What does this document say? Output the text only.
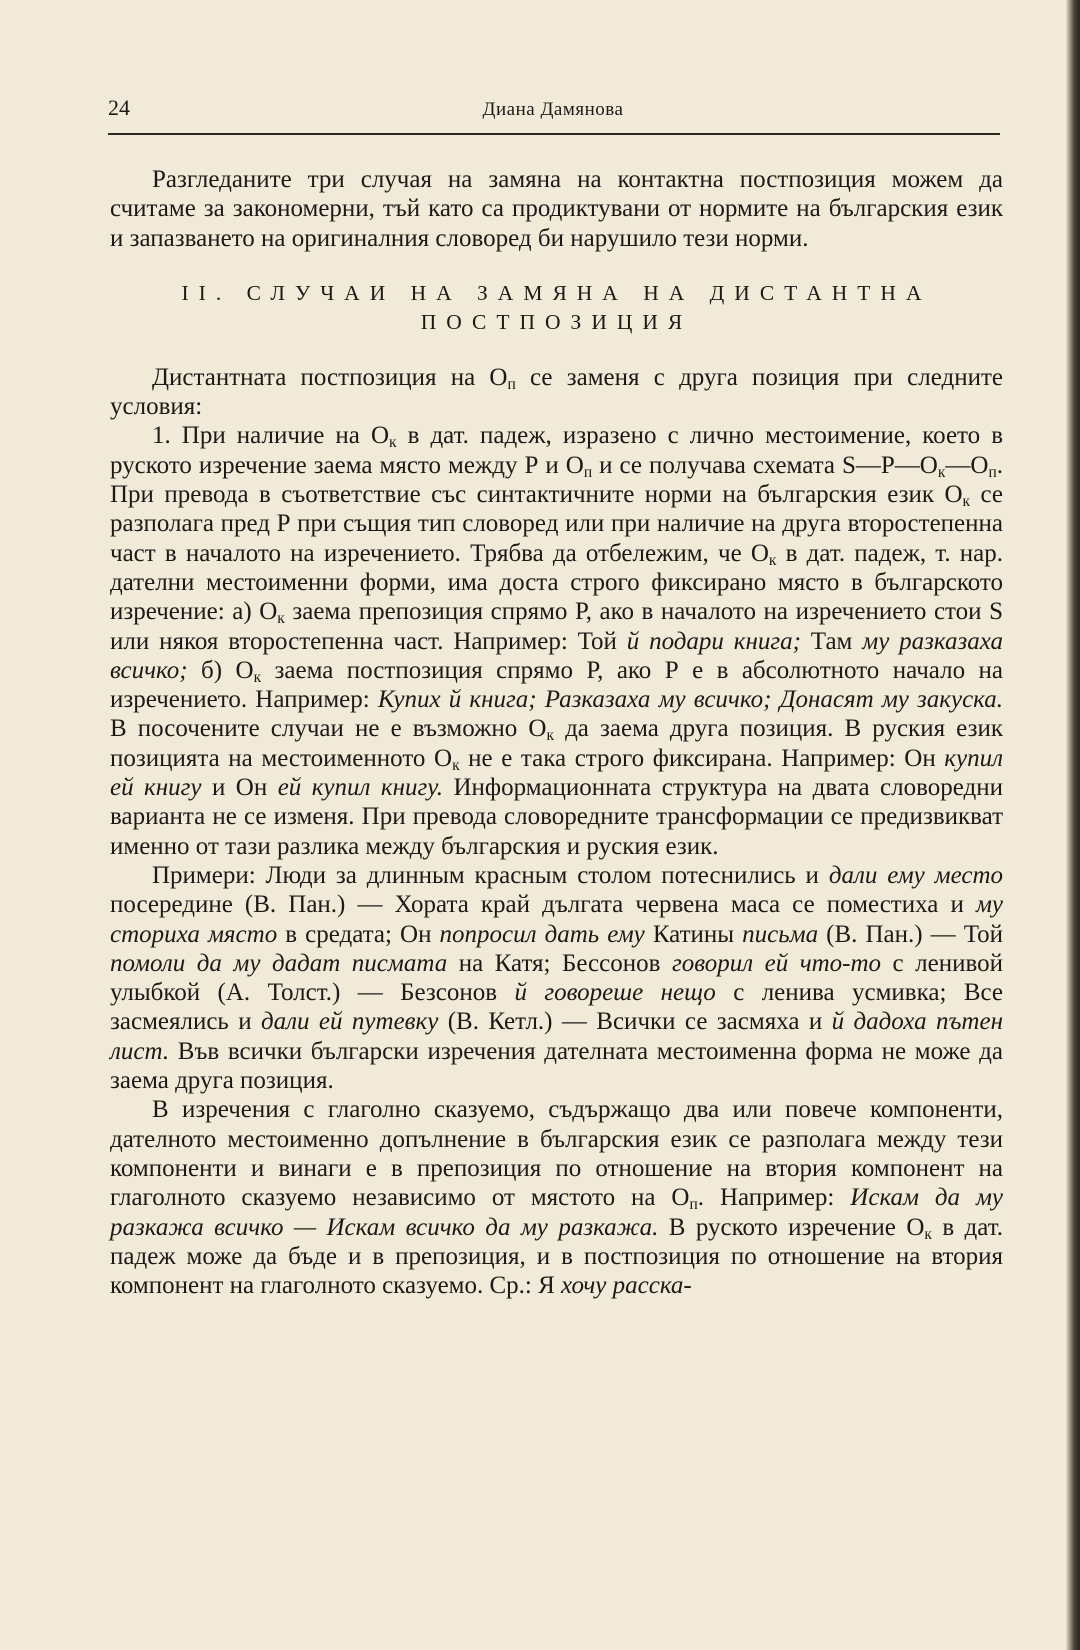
24	Диана Дамянова

Разгледаните три случая на замяна на контактна постпозиция можем да считаме за закономерни, тъй като са продиктувани от нормите на българския език и запазването на оригиналния словоред би нарушило тези норми.

II. СЛУЧАИ НА ЗАМЯНА НА ДИСТАНТНА
ПОСТПОЗИЦИЯ

Дистантната постпозиция на $О_п$ се заменя с друга позиция при следните условия:

1. При наличие на $О_к$ в дат. падеж, изразено с лично местоимение, което в руското изречение заема място между Р и $О_п$ и се получава схемата $S—Р—О_к—О_п$. При превода в съответствие със синтактичните норми на българския език $О_к$ се разполага пред Р при същия тип словоред или при наличие на друга второстепенна част в началото на изречението. Трябва да отбележим, че $О_к$ в дат. падеж, т. нар. дателни местоименни форми, има доста строго фиксирано място в българското изречение: а) $О_к$ заема препозиция спрямо Р, ако в началото на изречението стои S или някоя второстепенна част. Например: Той й подари книга; Там му разказаха всичко; б) $О_к$ заема постпозиция спрямо Р, ако Р е в абсолютното начало на изречението. Например: Купих й книга; Разказаха му всичко; Донасят му закуска. В посочените случаи не е възможно $О_к$ да заема друга позиция. В руския език позицията на местоименното $О_к$ не е така строго фиксирана. Например: Он купил ей книгу и Он ей купил книгу. Информационната структура на двата словоредни варианта не се изменя. При превода словоредните трансформации се предизвикват именно от тази разлика между българския и руския език.

Примери: Люди за длинным красным столом потеснились и дали ему место посередине (В. Пан.) — Хората край дългата червена маса се поместиха и му сториха място в средата; Он попросил дать ему Катины письма (В. Пан.) — Той помоли да му дадат писмата на Катя; Бессонов говорил ей что-то с ленивой улыбкой (А. Толст.) — Безсонов й говореше нещо с ленива усмивка; Все засмеялись и дали ей путевку (В. Кетл.) — Всички се засмяха и й дадоха пътен лист. Във всички български изречения дателната местоименна форма не може да заема друга позиция.

В изречения с глаголно сказуемо, съдържащо два или повече компоненти, дателното местоименно допълнение в българския език се разполага между тези компоненти и винаги е в препозиция по отношение на втория компонент на глаголното сказуемо независимо от мястото на $О_п$. Например: Искам да му разкажа всичко — Искам всичко да му разкажа. В руското изречение $О_к$ в дат. падеж може да бъде и в препозиция, и в постпозиция по отношение на втория компонент на глаголното сказуемо. Ср.: Я хочу расска-
